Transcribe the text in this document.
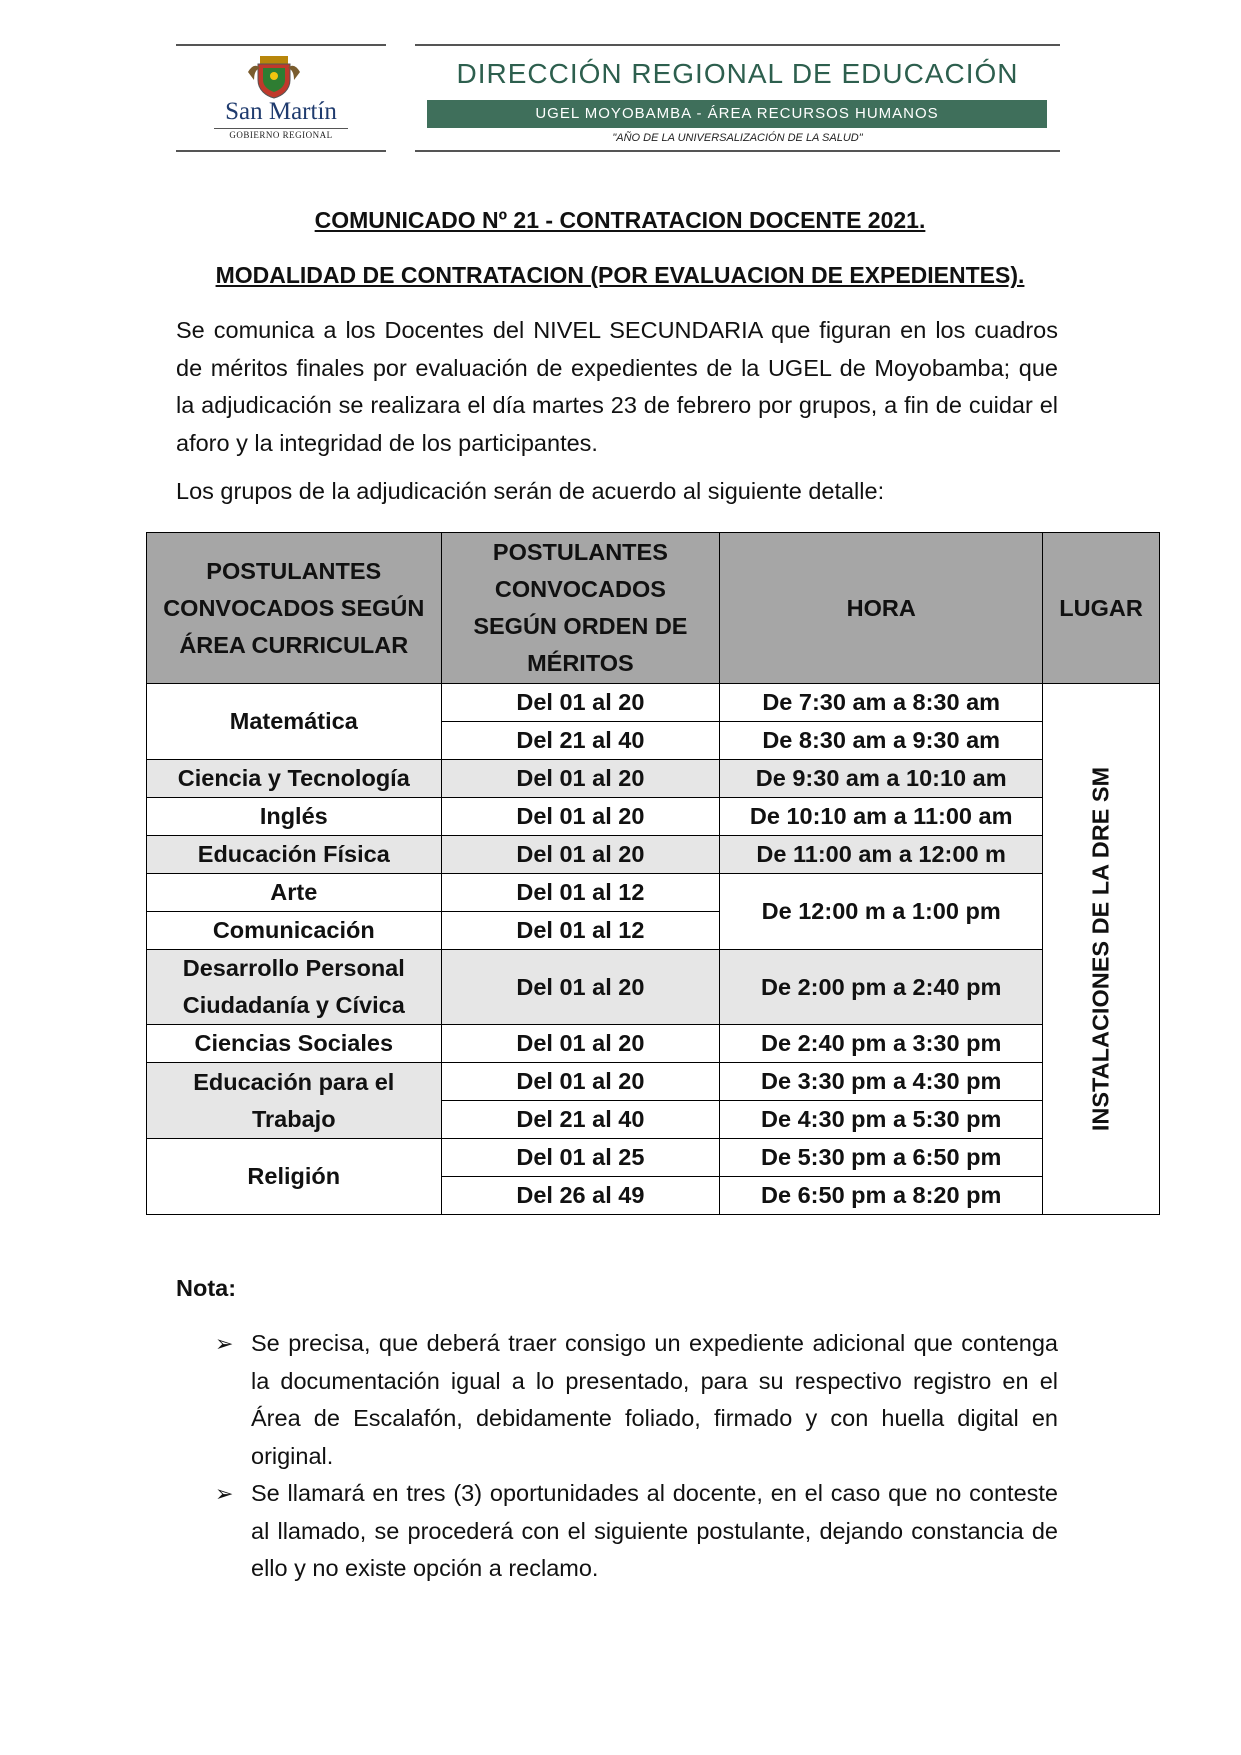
San Martín
GOBIERNO REGIONAL
DIRECCIÓN REGIONAL DE EDUCACIÓN
UGEL MOYOBAMBA - ÁREA RECURSOS HUMANOS
"AÑO DE LA UNIVERSALIZACIÓN DE LA SALUD"
COMUNICADO Nº 21 - CONTRATACION DOCENTE 2021.
MODALIDAD DE CONTRATACION (POR EVALUACION DE EXPEDIENTES).
Se comunica a los Docentes del NIVEL SECUNDARIA que figuran en los cuadros de méritos finales por evaluación de expedientes de la UGEL de Moyobamba; que la adjudicación se realizara el día martes 23 de febrero por grupos, a fin de cuidar el aforo y la integridad de los participantes.
Los grupos de la adjudicación serán de acuerdo al siguiente detalle:
POSTULANTES CONVOCADOS SEGÚN ÁREA CURRICULAR	POSTULANTES CONVOCADOS SEGÚN ORDEN DE MÉRITOS	HORA	LUGAR
Matemática	Del 01 al 20	De 7:30 am a 8:30 am	INSTALACIONES DE LA DRE SM

	Del 21 al 40	De 8:30 am a 9:30 am	
Ciencia y Tecnología	Del 01 al 20	De 9:30 am a 10:10 am	
Inglés	Del 01 al 20	De 10:10 am a 11:00 am	
Educación Física	Del 01 al 20	De 11:00 am a 12:00 m	
Arte	Del 01 al 12	De 12:00 m a 1:00 pm	
Comunicación	Del 01 al 12		
Desarrollo Personal Ciudadanía y Cívica	Del 01 al 20	De 2:00 pm a 2:40 pm	
Ciencias Sociales	Del 01 al 20	De 2:40 pm a 3:30 pm	
Educación para el Trabajo	Del 01 al 20	De 3:30 pm a 4:30 pm	
	Del 21 al 40	De 4:30 pm a 5:30 pm	
Religión	Del 01 al 25	De 5:30 pm a 6:50 pm	
	Del 26 al 49	De 6:50 pm a 8:20 pm	
Nota:
➢ Se precisa, que deberá traer consigo un expediente adicional que contenga la documentación igual a lo presentado, para su respectivo registro en el Área de Escalafón, debidamente foliado, firmado y con huella digital en original.
➢ Se llamará en tres (3) oportunidades al docente, en el caso que no conteste al llamado, se procederá con el siguiente postulante, dejando constancia de ello y no existe opción a reclamo.
